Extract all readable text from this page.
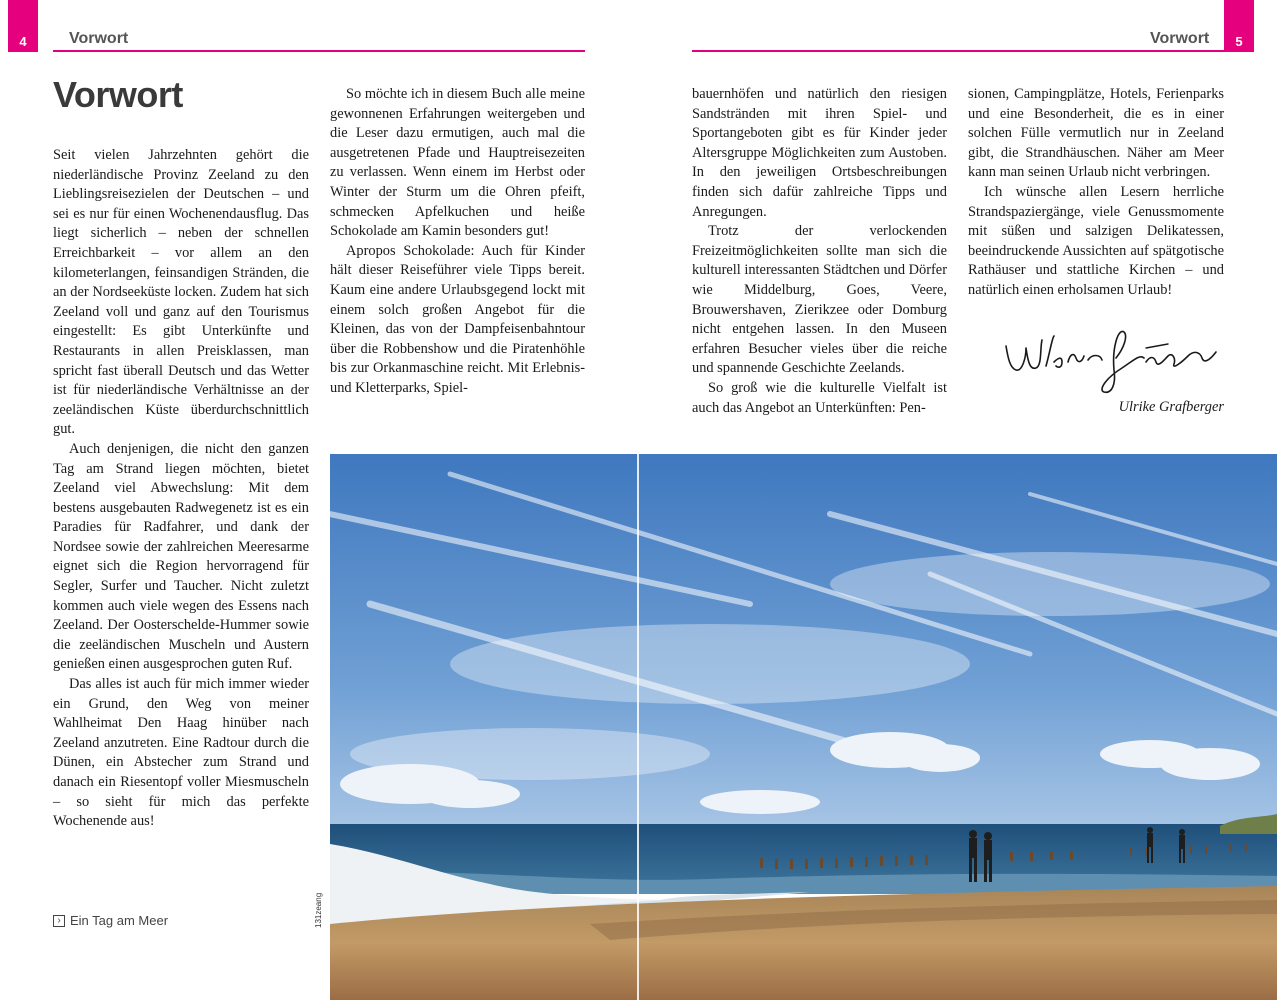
4	Vorwort
Vorwort

Seit vielen Jahrzehnten gehört die niederländische Provinz Zeeland zu den Lieblingsreisezielen der Deutschen – und sei es nur für einen Wochenendausflug. Das liegt sicherlich – neben der schnellen Erreichbarkeit – vor allem an den kilometerlangen, feinsandigen Stränden, die an der Nordseeküste locken. Zudem hat sich Zeeland voll und ganz auf den Tourismus eingestellt: Es gibt Unterkünfte und Restaurants in allen Preisklassen, man spricht fast überall Deutsch und das Wetter ist für niederländische Verhältnisse an der zeeländischen Küste überdurchschnittlich gut.

Auch denjenigen, die nicht den ganzen Tag am Strand liegen möchten, bietet Zeeland viel Abwechslung: Mit dem bestens ausgebauten Radwegenetz ist es ein Paradies für Radfahrer, und dank der Nordsee sowie der zahlreichen Meeresarme eignet sich die Region hervorragend für Segler, Surfer und Taucher. Nicht zuletzt kommen auch viele wegen des Essens nach Zeeland. Der Oosterschelde-Hummer sowie die zeeländischen Muscheln und Austern genießen einen ausgesprochen guten Ruf.

Das alles ist auch für mich immer wieder ein Grund, den Weg von meiner Wahlheimat Den Haag hinüber nach Zeeland anzutreten. Eine Radtour durch die Dünen, ein Abstecher zum Strand und danach ein Riesentopf voller Miesmuscheln – so sieht für mich das perfekte Wochenende aus!

So möchte ich in diesem Buch alle meine gewonnenen Erfahrungen weitergeben und die Leser dazu ermutigen, auch mal die ausgetretenen Pfade und Hauptreisezeiten zu verlassen. Wenn einem im Herbst oder Winter der Sturm um die Ohren pfeift, schmecken Apfelkuchen und heiße Schokolade am Kamin besonders gut!

Apropos Schokolade: Auch für Kinder hält dieser Reiseführer viele Tipps bereit. Kaum eine andere Urlaubsgegend lockt mit einem solch großen Angebot für die Kleinen, das von der Dampfeisenbahntour über die Robbenshow und die Piratenhöhle bis zur Orkanmaschine reicht. Mit Erlebnis- und Kletterparks, Spiel-

› Ein Tag am Meer	131zeang
5
Vorwort

bauernhöfen und natürlich den riesigen Sandstränden mit ihren Spiel- und Sportangeboten gibt es für Kinder jeder Altersgruppe Möglichkeiten zum Austoben. In den jeweiligen Ortsbeschreibungen finden sich dafür zahlreiche Tipps und Anregungen.

Trotz der verlockenden Freizeitmöglichkeiten sollte man sich die kulturell interessanten Städtchen und Dörfer wie Middelburg, Goes, Veere, Brouwershaven, Zierikzee oder Domburg nicht entgehen lassen. In den Museen erfahren Besucher vieles über die reiche und spannende Geschichte Zeelands.

So groß wie die kulturelle Vielfalt ist auch das Angebot an Unterkünften: Pen-

sionen, Campingplätze, Hotels, Ferienparks und eine Besonderheit, die es in einer solchen Fülle vermutlich nur in Zeeland gibt, die Strandhäuschen. Näher am Meer kann man seinen Urlaub nicht verbringen.

Ich wünsche allen Lesern herrliche Strandspaziergänge, viele Genussmomente mit süßen und salzigen Delikatessen, beeindruckende Aussichten auf spätgotische Rathäuser und stattliche Kirchen – und natürlich einen erholsamen Urlaub!

Ulrike Grafberger
